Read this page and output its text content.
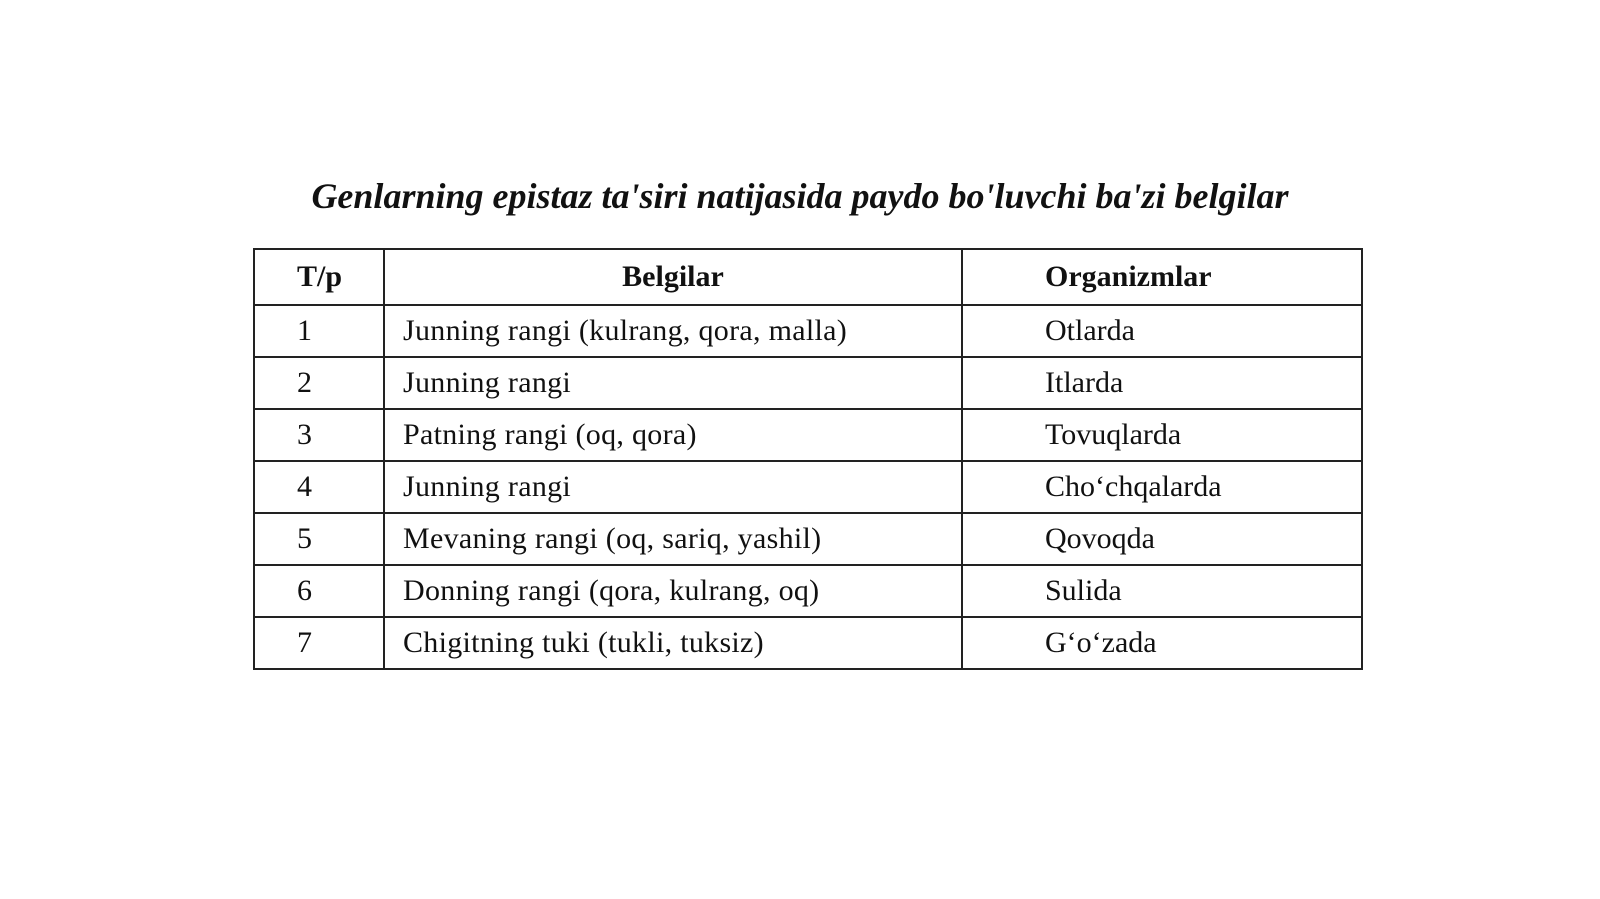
Genlarning epistaz ta'siri natijasida paydo bo'luvchi ba'zi belgilar
T/p	Belgilar	Organizmlar
1	Junning rangi (kulrang, qora, malla)	Otlarda
2	Junning rangi	Itlarda
3	Patning rangi (oq, qora)	Tovuqlarda
4	Junning rangi	Cho‘chqalarda
5	Mevaning rangi (oq, sariq, yashil)	Qovoqda
6	Donning rangi (qora, kulrang, oq)	Sulida
7	Chigitning tuki (tukli, tuksiz)	G‘o‘zada
